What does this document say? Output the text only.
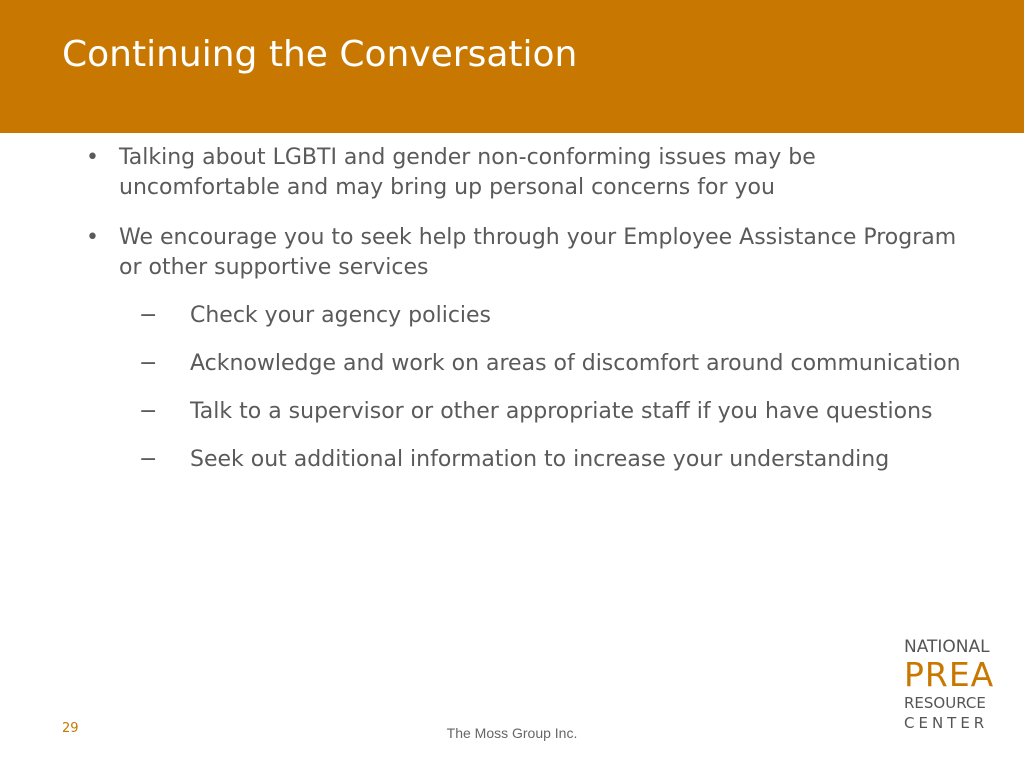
Continuing the Conversation
• Talking about LGBTI and gender non-conforming issues may be uncomfortable and may bring up personal concerns for you
• We encourage you to seek help through your Employee Assistance Program or other supportive services
− Check your agency policies
− Acknowledge and work on areas of discomfort around communication
− Talk to a supervisor or other appropriate staff if you have questions
− Seek out additional information to increase your understanding
NATIONAL
PREA
RESOURCE
CENTER
29	The Moss Group Inc.
